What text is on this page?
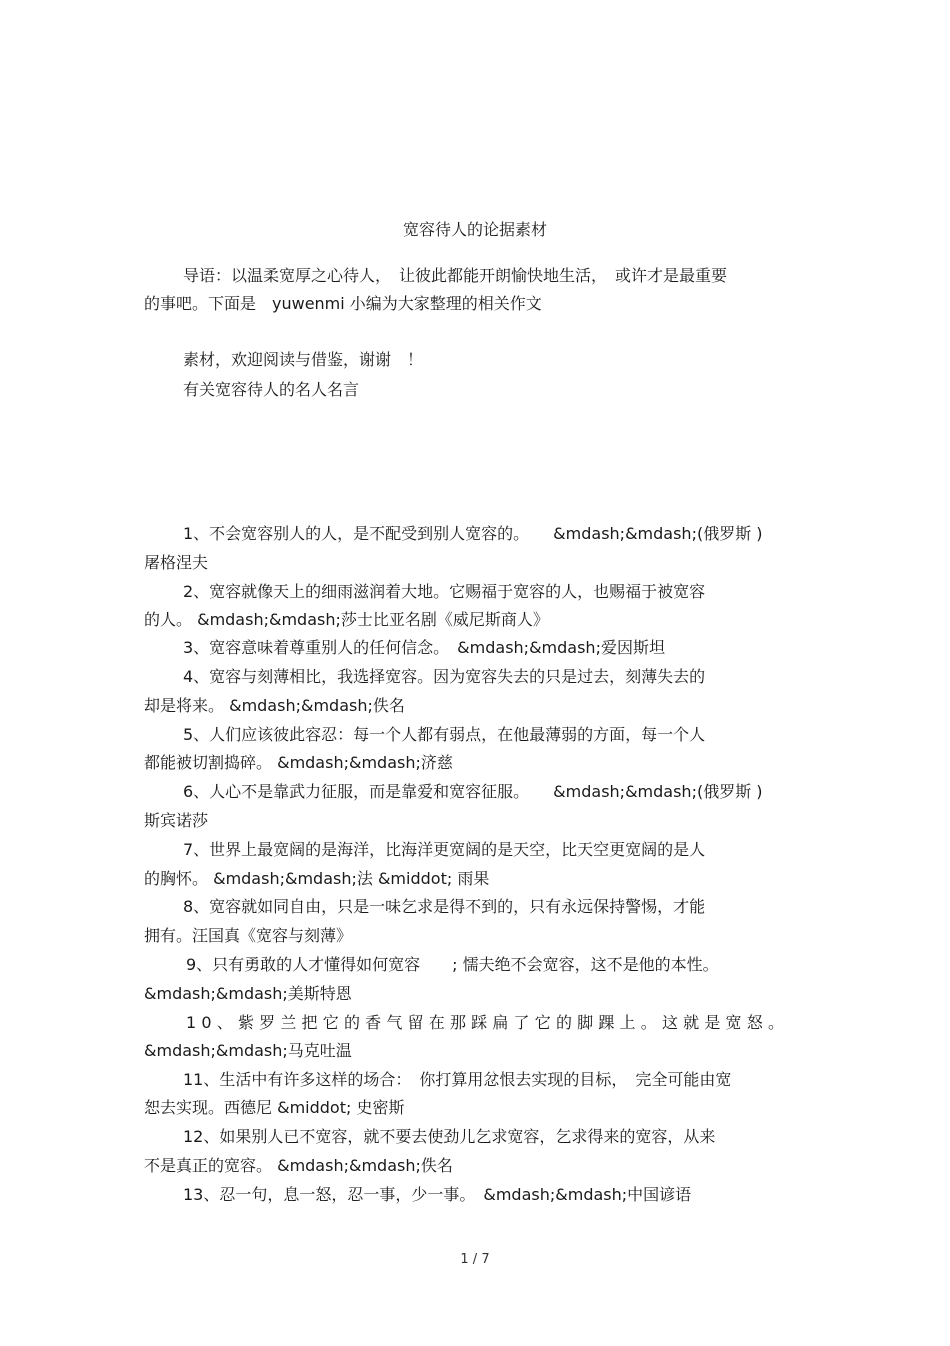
宽容待人的论据素材
导语：以温柔宽厚之心待人，　让彼此都能开朗愉快地生活，　或许才是最重要
的事吧。下面是　yuwenmi 小编为大家整理的相关作文
素材，欢迎阅读与借鉴，谢谢　！
有关宽容待人的名人名言
1、不会宽容别人的人，是不配受到别人宽容的。　　&mdash;&mdash;(俄罗斯 )
屠格涅夫
2、宽容就像天上的细雨滋润着大地。它赐福于宽容的人，也赐福于被宽容
的人。 &mdash;&mdash;莎士比亚名剧《威尼斯商人》
3、宽容意味着尊重别人的任何信念。　&mdash;&mdash;爱因斯坦
4、宽容与刻薄相比，我选择宽容。因为宽容失去的只是过去，刻薄失去的
却是将来。 &mdash;&mdash;佚名
5、人们应该彼此容忍：每一个人都有弱点，在他最薄弱的方面，每一个人
都能被切割捣碎。 &mdash;&mdash;济慈
6、人心不是靠武力征服，而是靠爱和宽容征服。　　&mdash;&mdash;(俄罗斯 )
斯宾诺莎
7、世界上最宽阔的是海洋，比海洋更宽阔的是天空，比天空更宽阔的是人
的胸怀。 &mdash;&mdash;法 &middot; 雨果
8、宽容就如同自由，只是一味乞求是得不到的，只有永远保持警惕，才能
拥有。汪国真《宽容与刻薄》
9、只有勇敢的人才懂得如何宽容　　; 懦夫绝不会宽容，这不是他的本性。
&mdash;&mdash;美斯特恩
10、紫罗兰把它的香气留在那踩扁了它的脚踝上。这就是宽怒。
&mdash;&mdash;马克吐温
11、生活中有许多这样的场合：　你打算用忿恨去实现的目标，　完全可能由宽
恕去实现。西德尼 &middot; 史密斯
12、如果别人已不宽容，就不要去使劲儿乞求宽容，乞求得来的宽容，从来
不是真正的宽容。 &mdash;&mdash;佚名
13、忍一句，息一怒，忍一事，少一事。　&mdash;&mdash;中国谚语
1 / 7
